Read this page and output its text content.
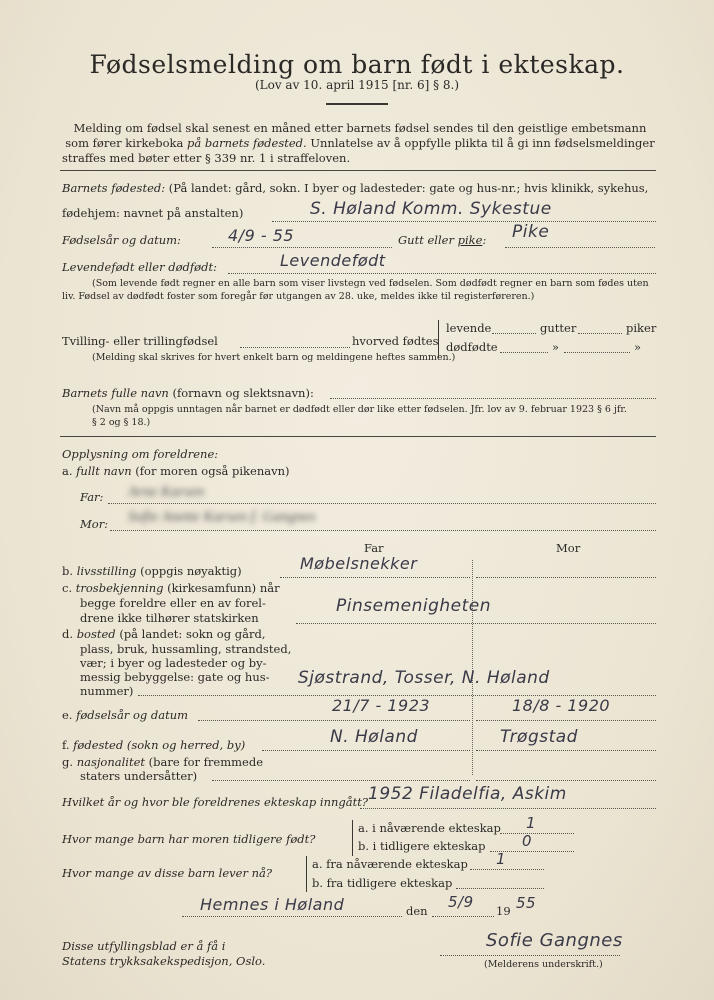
Fødselsmelding om barn født i ekteskap.
(Lov av 10. april 1915 [nr. 6] § 8.)
Melding om fødsel skal senest en måned etter barnets fødsel sendes til den geistlige embetsmann
som fører kirkeboka på barnets fødested. Unnlatelse av å oppfylle plikta til å gi inn fødselsmeldinger
straffes med bøter etter § 339 nr. 1 i straffeloven.
Barnets fødested: (På landet: gård, sokn. I byer og ladesteder: gate og hus-nr.; hvis klinikk, sykehus,
fødehjem: navnet på anstalten)	S. Høland Komm. Sykestue
Fødselsår og datum:	4/9 - 55	Gutt eller pike: Pike
Levendefødt eller dødfødt:	Levendefødt
(Som levende født regner en alle barn som viser livstegn ved fødselen. Som dødfødt regner en barn som fødes uten
liv. Fødsel av dødfødt foster som foregår før utgangen av 28. uke, meldes ikke til registerføreren.)
Tvilling- eller trillingfødsel	hvorved fødtes
levende	gutter	piker
dødfødte	»	»
(Melding skal skrives for hvert enkelt barn og meldingene heftes sammen.)
Barnets fulle navn (fornavn og slektsnavn):
(Navn må oppgis unntagen når barnet er dødfødt eller dør like etter fødselen. Jfr. lov av 9. februar 1923 § 6 jfr.
§ 2 og § 18.)
Opplysning om foreldrene:
a. fullt navn (for moren også pikenavn)
Far: Arne Karsen
Mor: Sofie Anette Karsen f. Gangnes
Far	Mor
b. livsstilling (oppgis nøyaktig)	Møbelsnekker
c. trosbekjenning (kirkesamfunn) når
begge foreldre eller en av forel-
drene ikke tilhører statskirken
Pinsemenigheten
d. bosted (på landet: sokn og gård,
plass, bruk, hussamling, strandsted,
vær; i byer og ladesteder og by-
messig bebyggelse: gate og hus-
nummer)
Sjøstrand, Tosser, N. Høland
e. fødselsår og datum	21/7 - 1923	18/8 - 1920
f. fødested (sokn og herred, by)	N. Høland	Trøgstad
g. nasjonalitet (bare for fremmede
staters undersåtter)
Hvilket år og hvor ble foreldrenes ekteskap inngått? 1952 Filadelfia, Askim
Hvor mange barn har moren tidligere født?
a. i nåværende ekteskap 1
b. i tidligere ekteskap 0
Hvor mange av disse barn lever nå?
a. fra nåværende ekteskap 1
b. fra tidligere ekteskap
Hemnes i Høland	den 5/9 19 55
Disse utfyllingsblad er å få i
Statens trykksakekspedisjon, Oslo.
Sofie Gangnes
(Melderens underskrift.)
